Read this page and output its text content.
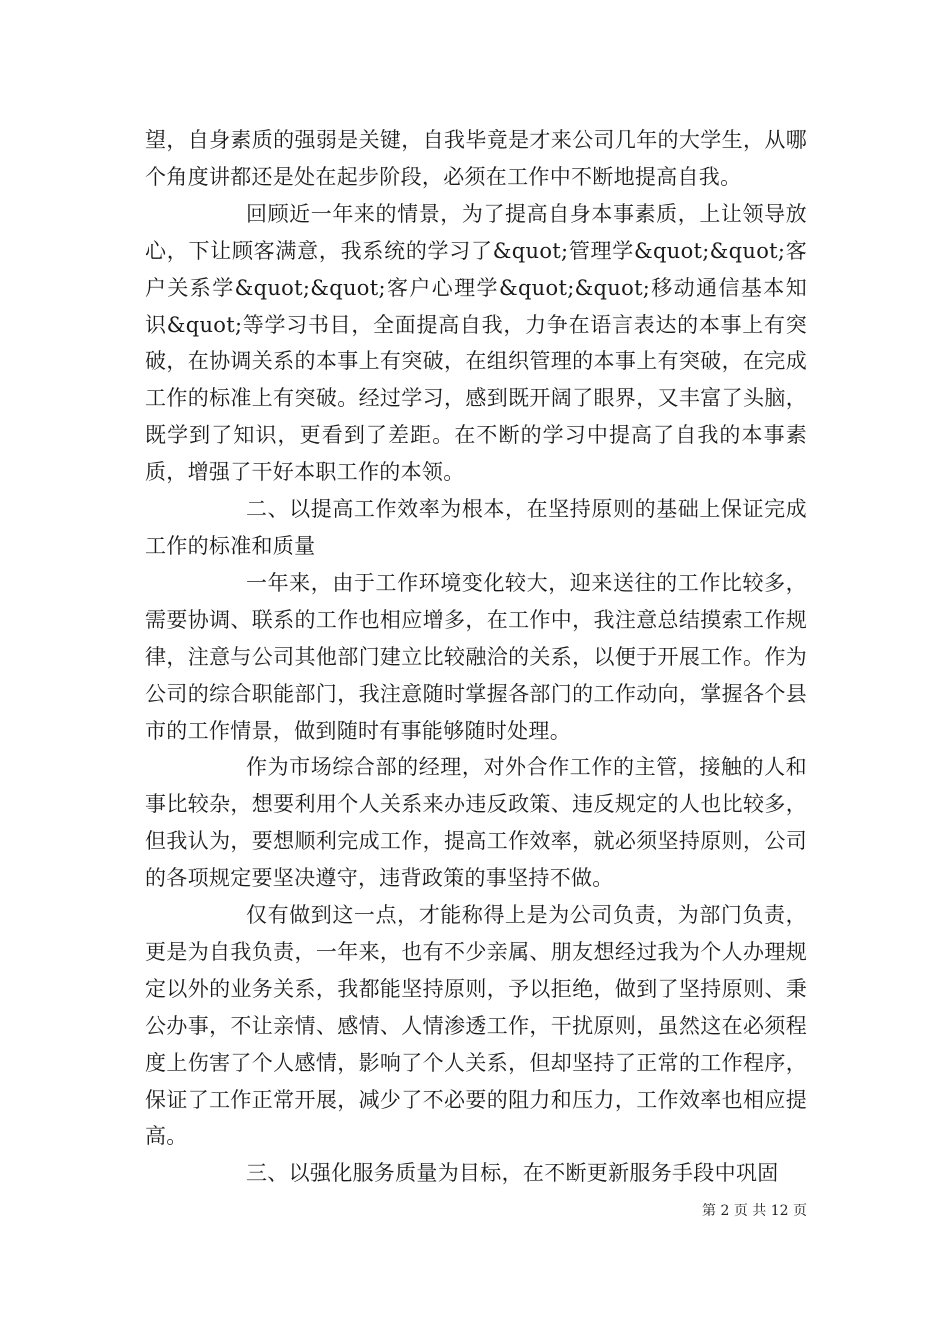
望，自身素质的强弱是关键，自我毕竟是才来公司几年的大学生，从哪个角度讲都还是处在起步阶段，必须在工作中不断地提高自我。

回顾近一年来的情景，为了提高自身本事素质，上让领导放心，下让顾客满意，我系统的学习了&quot;管理学&quot;&quot;客户关系学&quot;&quot;客户心理学&quot;&quot;移动通信基本知识&quot;等学习书目，全面提高自我，力争在语言表达的本事上有突破，在协调关系的本事上有突破，在组织管理的本事上有突破，在完成工作的标准上有突破。经过学习，感到既开阔了眼界，又丰富了头脑，既学到了知识，更看到了差距。在不断的学习中提高了自我的本事素质，增强了干好本职工作的本领。

二、以提高工作效率为根本，在坚持原则的基础上保证完成工作的标准和质量

一年来，由于工作环境变化较大，迎来送往的工作比较多，需要协调、联系的工作也相应增多，在工作中，我注意总结摸索工作规律，注意与公司其他部门建立比较融洽的关系，以便于开展工作。作为公司的综合职能部门，我注意随时掌握各部门的工作动向，掌握各个县市的工作情景，做到随时有事能够随时处理。

作为市场综合部的经理，对外合作工作的主管，接触的人和事比较杂，想要利用个人关系来办违反政策、违反规定的人也比较多，但我认为，要想顺利完成工作，提高工作效率，就必须坚持原则，公司的各项规定要坚决遵守，违背政策的事坚持不做。

仅有做到这一点，才能称得上是为公司负责，为部门负责，更是为自我负责，一年来，也有不少亲属、朋友想经过我为个人办理规定以外的业务关系，我都能坚持原则，予以拒绝，做到了坚持原则、秉公办事，不让亲情、感情、人情渗透工作，干扰原则，虽然这在必须程度上伤害了个人感情，影响了个人关系，但却坚持了正常的工作程序，保证了工作正常开展，减少了不必要的阻力和压力，工作效率也相应提高。

三、以强化服务质量为目标，在不断更新服务手段中巩固

第 2 页 共 12 页
